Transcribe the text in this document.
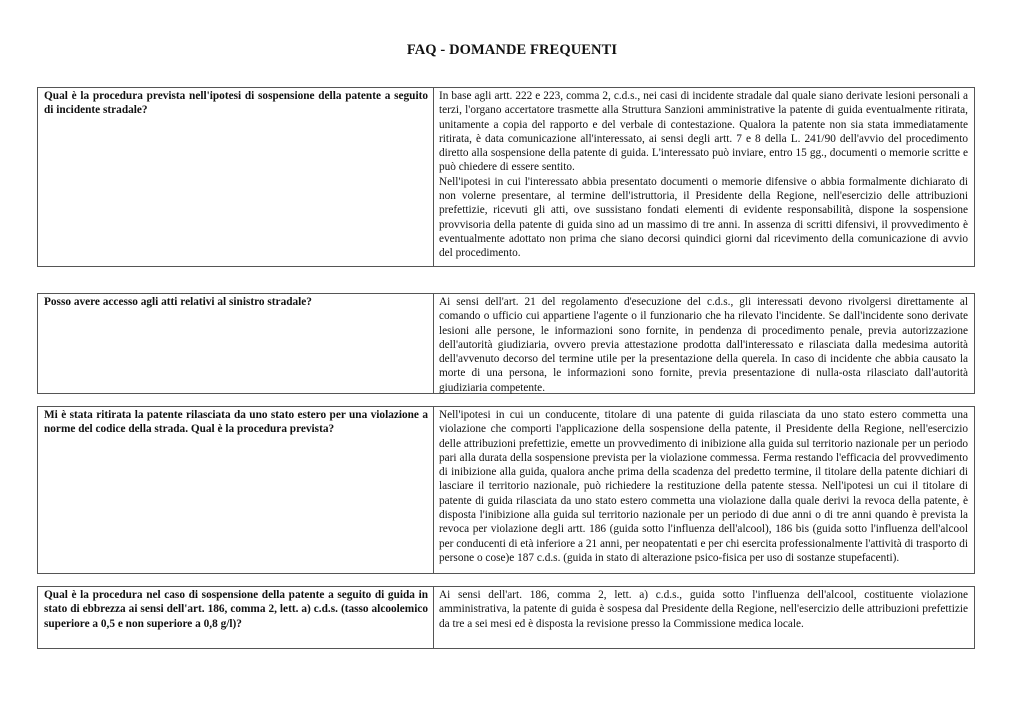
FAQ - DOMANDE FREQUENTI
Qual è la procedura prevista nell'ipotesi di sospensione della patente a seguito di incidente stradale?

In base agli artt. 222 e 223, comma 2, c.d.s., nei casi di incidente stradale dal quale siano derivate lesioni personali a terzi, l'organo accertatore trasmette alla Struttura Sanzioni amministrative la patente di guida eventualmente ritirata, unitamente a copia del rapporto e del verbale di contestazione. Qualora la patente non sia stata immediatamente ritirata, è data comunicazione all'interessato, ai sensi degli artt. 7 e 8 della L. 241/90 dell'avvio del procedimento diretto alla sospensione della patente di guida. L'interessato può inviare, entro 15 gg., documenti o memorie scritte e può chiedere di essere sentito.

Nell'ipotesi in cui l'interessato abbia presentato documenti o memorie difensive o abbia formalmente dichiarato di non volerne presentare, al termine dell'istruttoria, il Presidente della Regione, nell'esercizio delle attribuzioni prefettizie, ricevuti gli atti, ove sussistano fondati elementi di evidente responsabilità, dispone la sospensione provvisoria della patente di guida sino ad un massimo di tre anni. In assenza di scritti difensivi, il provvedimento è eventualmente adottato non prima che siano decorsi quindici giorni dal ricevimento della comunicazione di avvio del procedimento.

Posso avere accesso agli atti relativi al sinistro stradale?	Ai sensi dell'art. 21 del regolamento d'esecuzione del c.d.s., gli interessati devono rivolgersi direttamente al comando o ufficio cui appartiene l'agente o il funzionario che ha rilevato l'incidente. Se dall'incidente sono derivate lesioni alle persone, le informazioni sono fornite, in pendenza di procedimento penale, previa autorizzazione dell'autorità giudiziaria, ovvero previa attestazione prodotta dall'interessato e rilasciata dalla medesima autorità dell'avvenuto decorso del termine utile per la presentazione della querela. In caso di incidente che abbia causato la morte di una persona, le informazioni sono fornite, previa presentazione di nulla-osta rilasciato dall'autorità giudiziaria competente.

Mi è stata ritirata la patente rilasciata da uno stato estero per una violazione a norme del codice della strada. Qual è la procedura prevista?

Nell'ipotesi in cui un conducente, titolare di una patente di guida rilasciata da uno stato estero commetta una violazione che comporti l'applicazione della sospensione della patente, il Presidente della Regione, nell'esercizio delle attribuzioni prefettizie, emette un provvedimento di inibizione alla guida sul territorio nazionale per un periodo pari alla durata della sospensione prevista per la violazione commessa. Ferma restando l'efficacia del provvedimento di inibizione alla guida, qualora anche prima della scadenza del predetto termine, il titolare della patente dichiari di lasciare il territorio nazionale, può richiedere la restituzione della patente stessa. Nell'ipotesi un cui il titolare di patente di guida rilasciata da uno stato estero commetta una violazione dalla quale derivi la revoca della patente, è disposta l'inibizione alla guida sul territorio nazionale per un periodo di due anni o di tre anni quando è prevista la revoca per violazione degli artt. 186 (guida sotto l'influenza dell'alcool), 186 bis (guida sotto l'influenza dell'alcool per conducenti di età inferiore a 21 anni, per neopatentati e per chi esercita professionalmente l'attività di trasporto di persone o cose)e 187 c.d.s. (guida in stato di alterazione psico-fisica per uso di sostanze stupefacenti).

Qual è la procedura nel caso di sospensione della patente a seguito di guida in stato di ebbrezza ai sensi dell'art. 186, comma 2, lett. a) c.d.s. (tasso alcoolemico superiore a 0,5 e non superiore a 0,8 g/l)?

Ai sensi dell'art. 186, comma 2, lett. a) c.d.s., guida sotto l'influenza dell'alcool, costituente violazione amministrativa, la patente di guida è sospesa dal Presidente della Regione, nell'esercizio delle attribuzioni prefettizie da tre a sei mesi ed è disposta la revisione presso la Commissione medica locale.
